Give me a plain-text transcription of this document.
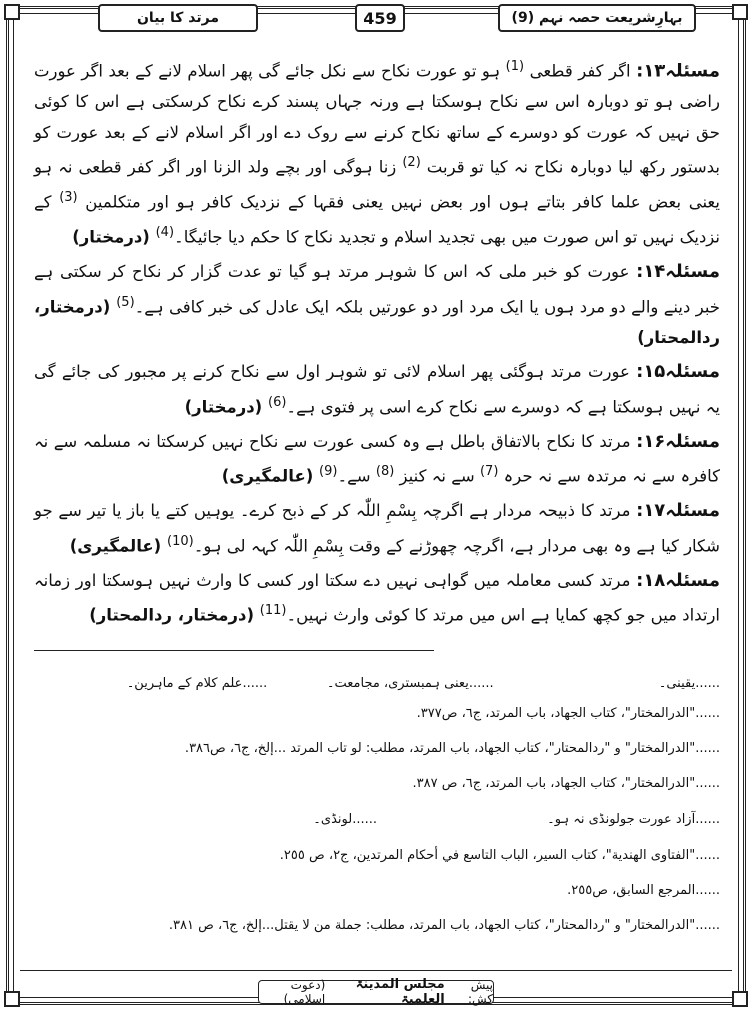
مرتد کا بیان	459	بہارِشریعت حصہ نہم (9)

مسئلہ۱۳: اگر کفر قطعی $^{(1)}$ ہو تو عورت نکاح سے نکل جائے گی پھر اسلام لانے کے بعد اگر عورت راضی ہو تو دوبارہ اس سے نکاح ہوسکتا ہے ورنہ جہاں پسند کرے نکاح کرسکتی ہے اس کا کوئی حق نہیں کہ عورت کو دوسرے کے ساتھ نکاح کرنے سے روک دے اور اگر اسلام لانے کے بعد عورت کو بدستور رکھ لیا دوبارہ نکاح نہ کیا تو قربت $^{(2)}$ زنا ہوگی اور بچے ولد الزنا اور اگر کفر قطعی نہ ہو یعنی بعض علما کافر بتاتے ہوں اور بعض نہیں یعنی فقہا کے نزدیک کافر ہو اور متکلمین $^{(3)}$ کے نزدیک نہیں تو اس صورت میں بھی تجدید اسلام و تجدید نکاح کا حکم دیا جائیگا۔$^{(4)}$ (درمختار)

مسئلہ۱۴: عورت کو خبر ملی کہ اس کا شوہر مرتد ہو گیا تو عدت گزار کر نکاح کر سکتی ہے خبر دینے والے دو مرد ہوں یا ایک مرد اور دو عورتیں بلکہ ایک عادل کی خبر کافی ہے۔$^{(5)}$ (درمختار، ردالمحتار)

مسئلہ۱۵: عورت مرتد ہوگئی پھر اسلام لائی تو شوہر اول سے نکاح کرنے پر مجبور کی جائے گی یہ نہیں ہوسکتا ہے کہ دوسرے سے نکاح کرے اسی پر فتوی ہے۔$^{(6)}$ (درمختار)

مسئلہ۱۶: مرتد کا نکاح بالاتفاق باطل ہے وہ کسی عورت سے نکاح نہیں کرسکتا نہ مسلمہ سے نہ کافرہ سے نہ مرتدہ سے نہ حرہ $^{(7)}$ سے نہ کنیز $^{(8)}$ سے۔$^{(9)}$ (عالمگیری)

مسئلہ۱۷: مرتد کا ذبیحہ مردار ہے اگرچہ بِسْمِ اللّٰہ کر کے ذبح کرے۔ یوہیں کتے یا باز یا تیر سے جو شکار کیا ہے وہ بھی مردار ہے، اگرچہ چھوڑنے کے وقت بِسْمِ اللّٰہ کہہ لی ہو۔$^{(10)}$ (عالمگیری)

مسئلہ۱۸: مرتد کسی معاملہ میں گواہی نہیں دے سکتا اور کسی کا وارث نہیں ہوسکتا اور زمانہ ارتداد میں جو کچھ کمایا ہے اس میں مرتد کا کوئی وارث نہیں۔$^{(11)}$ (درمختار، ردالمحتار)

......یقینی۔
......یعنی ہمبستری، مجامعت۔
......علم کلام کے ماہرین۔
......"الدرالمختار"، كتاب الجهاد، باب المرتد، ج٦، ص٣٧٧.
......"الدرالمختار" و "ردالمحتار"، كتاب الجهاد، باب المرتد، مطلب: لو تاب المرتد ...إلخ، ج٦، ص٣٨٦.
......"الدرالمختار"، كتاب الجهاد، باب المرتد، ج٦، ص ٣٨٧.
......آزاد عورت جولونڈی نہ ہو۔
......لونڈی۔
......"الفتاوى الهندية"، كتاب السير، الباب التاسع في أحكام المرتدين، ج٢، ص ٢٥٥.
......المرجع السابق، ص٢٥٥.
......"الدرالمختار" و "ردالمحتار"، كتاب الجهاد، باب المرتد، مطلب: جملة من لا يقتل...إلخ، ج٦، ص ٣٨١.
پیش کش:
مجلس المدینۃ العلمیۃ
(دعوت اسلامی)
